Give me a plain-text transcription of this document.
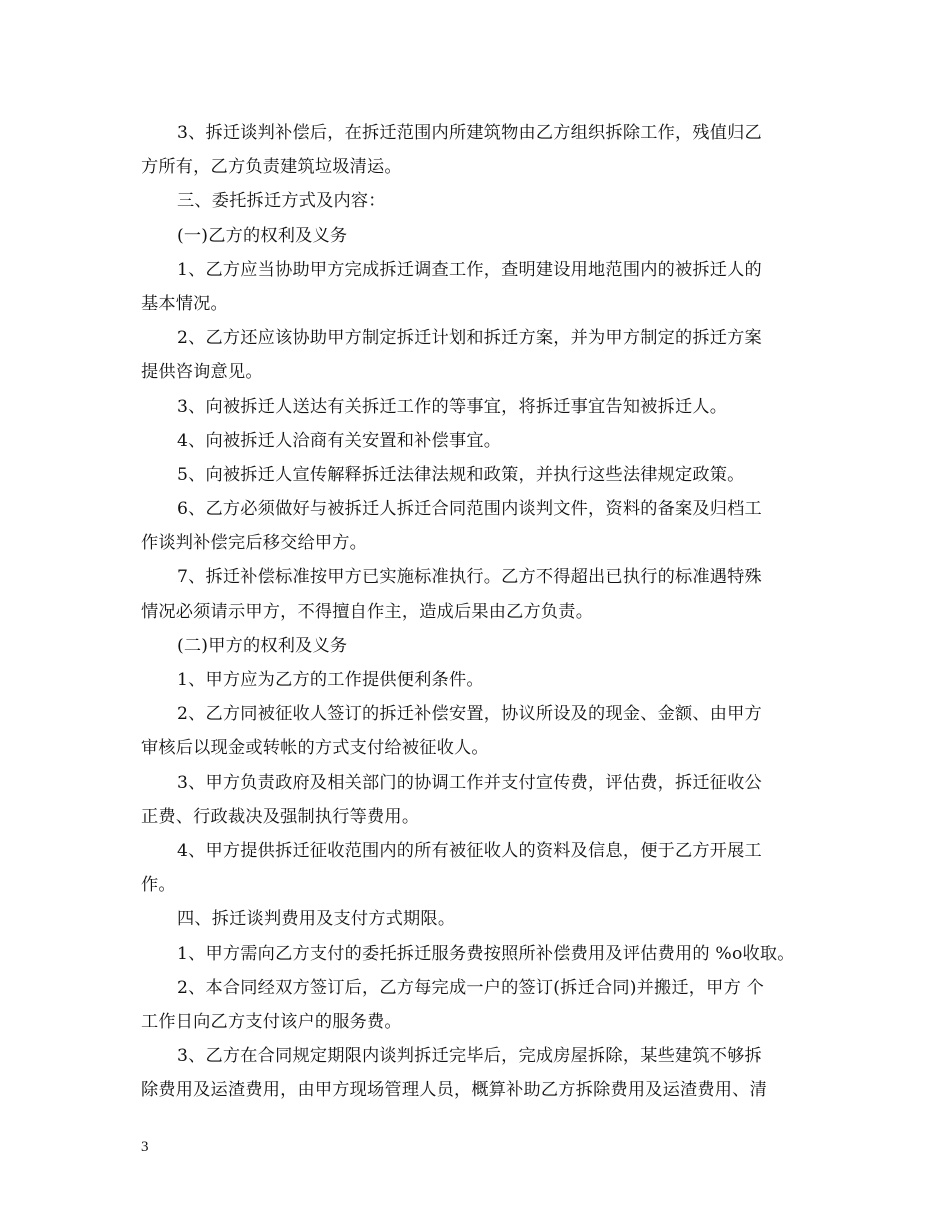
3、拆迁谈判补偿后，在拆迁范围内所建筑物由乙方组织拆除工作，残值归乙
方所有，乙方负责建筑垃圾清运。

三、委托拆迁方式及内容：

(一)乙方的权利及义务

1、乙方应当协助甲方完成拆迁调查工作，查明建设用地范围内的被拆迁人的
基本情况。

2、乙方还应该协助甲方制定拆迁计划和拆迁方案，并为甲方制定的拆迁方案
提供咨询意见。

3、向被拆迁人送达有关拆迁工作的等事宜，将拆迁事宜告知被拆迁人。

4、向被拆迁人洽商有关安置和补偿事宜。

5、向被拆迁人宣传解释拆迁法律法规和政策，并执行这些法律规定政策。

6、乙方必须做好与被拆迁人拆迁合同范围内谈判文件，资料的备案及归档工
作谈判补偿完后移交给甲方。

7、拆迁补偿标准按甲方已实施标准执行。乙方不得超出已执行的标准遇特殊
情况必须请示甲方，不得擅自作主，造成后果由乙方负责。

(二)甲方的权利及义务

1、甲方应为乙方的工作提供便利条件。

2、乙方同被征收人签订的拆迁补偿安置，协议所设及的现金、金额、由甲方
审核后以现金或转帐的方式支付给被征收人。

3、甲方负责政府及相关部门的协调工作并支付宣传费，评估费，拆迁征收公
正费、行政裁决及强制执行等费用。

4、甲方提供拆迁征收范围内的所有被征收人的资料及信息，便于乙方开展工
作。

四、拆迁谈判费用及支付方式期限。

1、甲方需向乙方支付的委托拆迁服务费按照所补偿费用及评估费用的 %o收取。

2、本合同经双方签订后，乙方每完成一户的签订(拆迁合同)并搬迁，甲方 个
工作日向乙方支付该户的服务费。

3、乙方在合同规定期限内谈判拆迁完毕后，完成房屋拆除，某些建筑不够拆
除费用及运渣费用，由甲方现场管理人员，概算补助乙方拆除费用及运渣费用、清

3
